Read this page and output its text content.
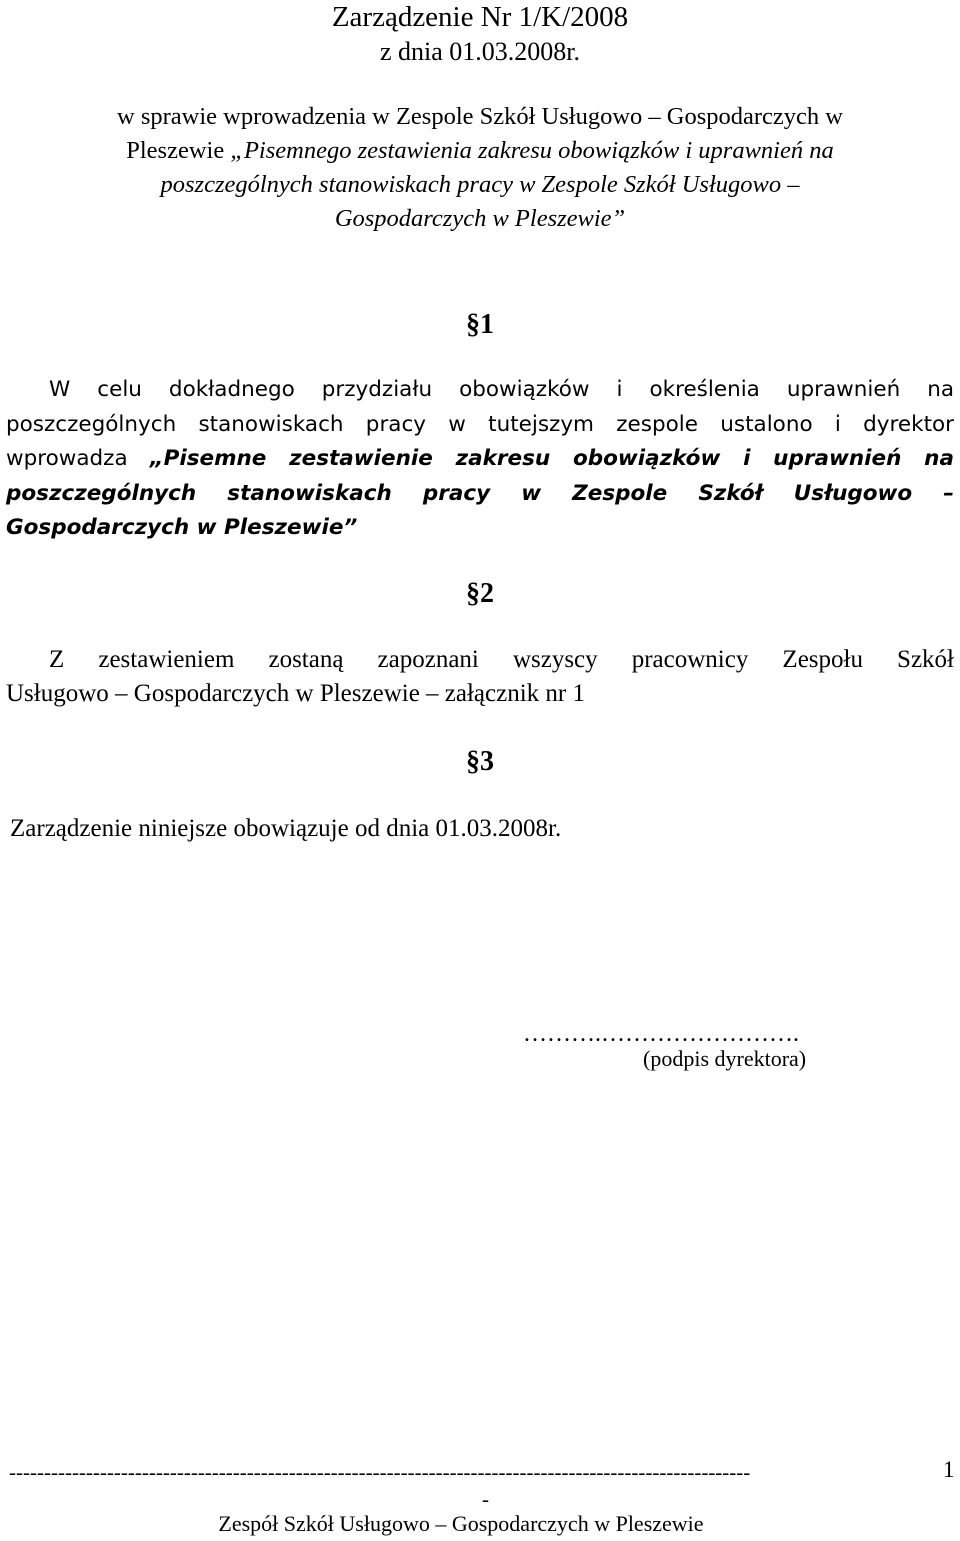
Zarządzenie Nr 1/K/2008
z dnia 01.03.2008r.
w sprawie wprowadzenia w Zespole Szkół Usługowo – Gospodarczych w
Pleszewie „Pisemnego zestawienia zakresu obowiązków i uprawnień na
poszczególnych stanowiskach pracy w Zespole Szkół Usługowo –
Gospodarczych w Pleszewie”
§1
W celu dokładnego przydziału obowiązków i określenia uprawnień na
poszczególnych stanowiskach pracy w tutejszym zespole ustalono i dyrektor
wprowadza „Pisemne zestawienie zakresu obowiązków i uprawnień na
poszczególnych stanowiskach pracy w Zespole Szkół Usługowo –
Gospodarczych w Pleszewie”
§2
Z zestawieniem zostaną zapoznani wszyscy pracownicy Zespołu Szkół
Usługowo – Gospodarczych w Pleszewie – załącznik nr 1
§3
Zarządzenie niniejsze obowiązuje od dnia 01.03.2008r.
……….…………………….
(podpis dyrektora)
----------------------------------------------------------------------------------------------------------	1
-
Zespół Szkół Usługowo – Gospodarczych w Pleszewie
